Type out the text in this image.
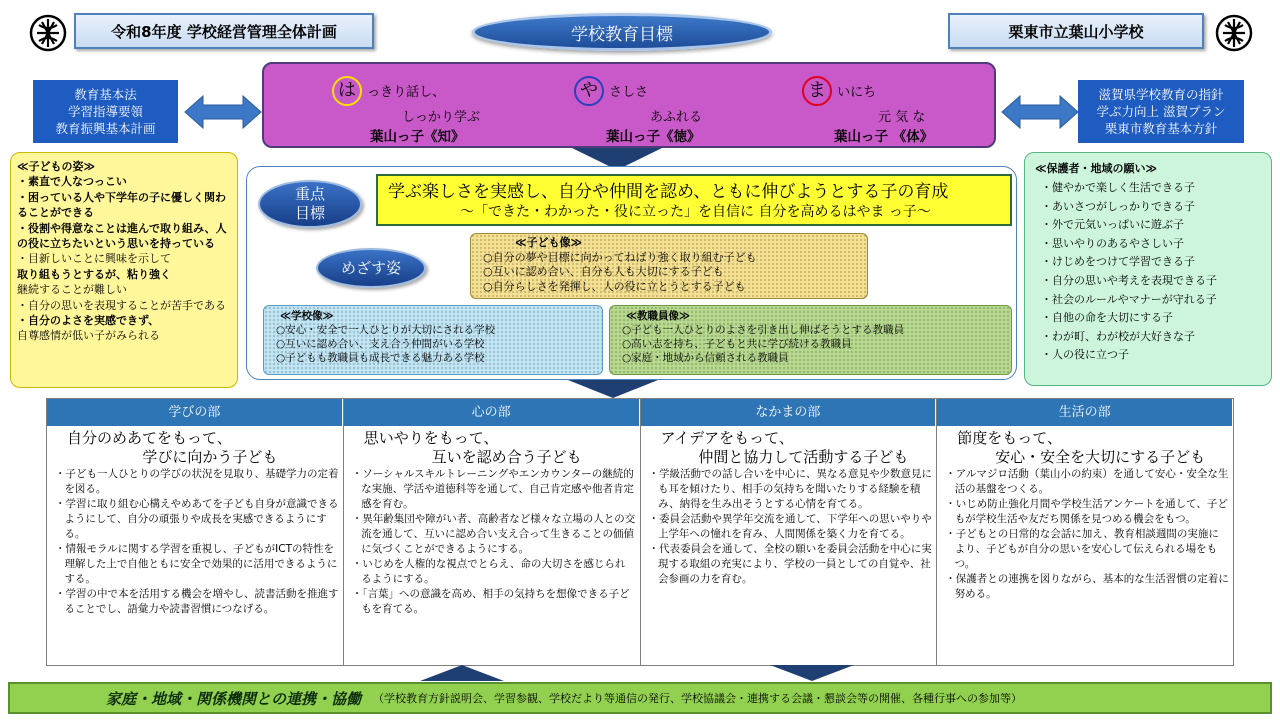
令和8年度 学校経営管理全体計画	学校教育目標	栗東市立葉山小学校
教育基本法
学習指導要領
教育振興基本計画
は っきり話し、
しっかり学ぶ
葉山っ子《知》
や さしさ
あふれる
葉山っ子《徳》
ま いにち
元 気 な
葉山っ子 《体》
滋賀県学校教育の指針
学ぶ力向上 滋賀プラン
栗東市教育基本方針
≪子どもの姿≫
・素直で人なつっこい
・困っている人や下学年の子に優しく関わることができる
・役割や得意なことは進んで取り組み、人の役に立ちたいという思いを持っている
・目新しいことに興味を示して
取り組もうとするが、粘り強く
継続することが難しい
・自分の思いを表現することが苦手である
・自分のよさを実感できず、
自尊感情が低い子がみられる
重点
目標
学ぶ楽しさを実感し、自分や仲間を認め、ともに伸びようとする子の育成
～「できた・わかった・役に立った」を自信に 自分を高めるはやま っ子～
めざす姿
≪子ども像≫
○自分の夢や目標に向かってねばり強く取り組む子ども
○互いに認め合い、自分も人も大切にする子ども
○自分らしさを発揮し、人の役に立とうとする子ども
≪学校像≫
○安心・安全で一人ひとりが大切にされる学校
○互いに認め合い、支え合う仲間がいる学校
○子どもも教職員も成長できる魅力ある学校
≪教職員像≫
○子ども一人ひとりのよさを引き出し伸ばそうとする教職員
○高い志を持ち、子どもと共に学び続ける教職員
○家庭・地域から信頼される教職員
≪保護者・地域の願い≫
・健やかで楽しく生活できる子
・あいさつがしっかりできる子
・外で元気いっぱいに遊ぶ子
・思いやりのあるやさしい子
・けじめをつけて学習できる子
・自分の思いや考えを表現できる子
・社会のルールやマナーが守れる子
・自他の命を大切にする子
・わが町、わが校が大好きな子
・人の役に立つ子
学びの部
自分のめあてをもって、
学びに向かう子ども
・子ども一人ひとりの学びの状況を見取り、基礎学力の定着を図る。
・学習に取り組む心構えやめあてを子ども自身が意識できるようにして、自分の頑張りや成長を実感できるようにする。
・情報モラルに関する学習を重視し、子どもがICTの特性を理解した上で自他ともに安全で効果的に活用できるようにする。
・学習の中で本を活用する機会を増やし、読書活動を推進することでし、語彙力や読書習慣につなげる。
心の部
思いやりをもって、
互いを認め合う子ども
・ソーシャルスキルトレーニングやエンカウンターの継続的な実施、学活や道徳科等を通して、自己肯定感や他者肯定感を育む。
・異年齢集団や障がい者、高齢者など様々な立場の人との交流を通して、互いに認め合い支え合って生きることの価値に気づくことができるようにする。
・いじめを人権的な視点でとらえ、命の大切さを感じられるようにする。
・「言葉」への意識を高め、相手の気持ちを想像できる子どもを育てる。
なかまの部
アイデアをもって、
仲間と協力して活動する子ども
・学級活動での話し合いを中心に、異なる意見や少数意見にも耳を傾けたり、相手の気持ちを聞いたりする経験を積み、納得を生み出そうとする心情を育てる。
・委員会活動や異学年交流を通して、下学年への思いやりや上学年への憧れを育み、人間関係を築く力を育てる。
・代表委員会を通して、全校の願いを委員会活動を中心に実現する取組の充実により、学校の一員としての自覚や、社会参画の力を育む。
生活の部
節度をもって、
安心・安全を大切にする子ども
・アルマジロ活動（葉山小の約束）を通して安心・安全な生活の基盤をつくる。
・いじめ防止強化月間や学校生活アンケートを通して、子どもが学校生活や友だち関係を見つめる機会をもつ。
・子どもとの日常的な会話に加え、教育相談週間の実施により、子どもが自分の思いを安心して伝えられる場をもつ。
・保護者との連携を図りながら、基本的な生活習慣の定着に努める。
家庭・地域・関係機関との連携・協働	（学校教育方針説明会、学習参観、学校だより等通信の発行、学校協議会・連携する会議・懇談会等の開催、各種行事への参加等）
